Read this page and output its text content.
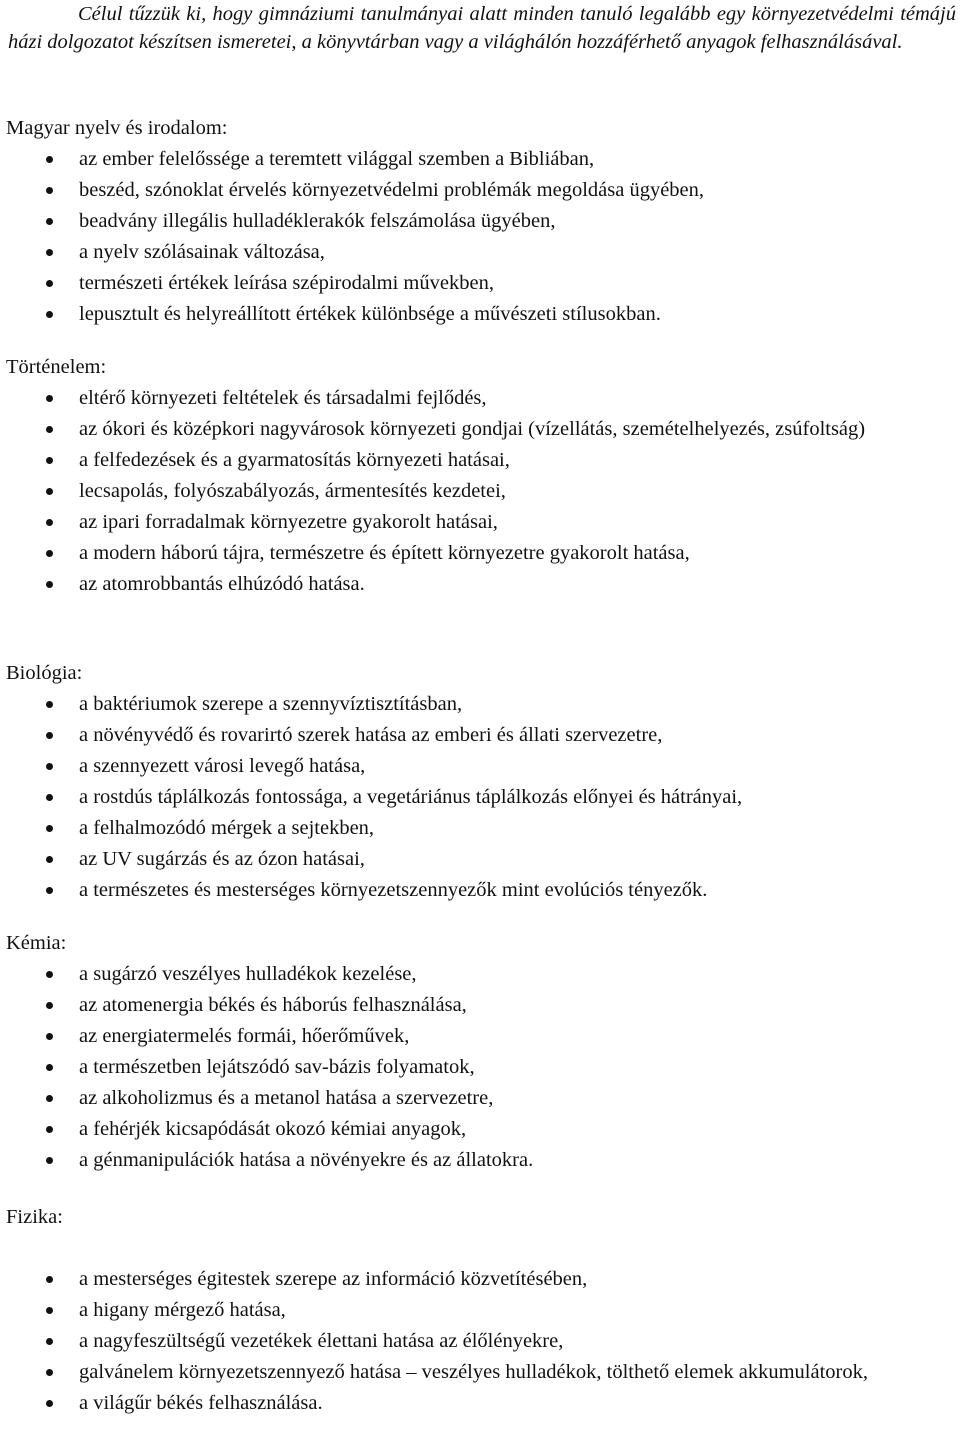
Célul tűzzük ki, hogy gimnáziumi tanulmányai alatt minden tanuló legalább egy környezetvédelmi témájú házi dolgozatot készítsen ismeretei, a könyvtárban vagy a világhálón hozzáférhető anyagok felhasználásával.
Magyar nyelv és irodalom:
az ember felelőssége a teremtett világgal szemben a Bibliában,
beszéd, szónoklat érvelés környezetvédelmi problémák megoldása ügyében,
beadvány illegális hulladéklerakók felszámolása ügyében,
a nyelv szólásainak változása,
természeti értékek leírása szépirodalmi művekben,
lepusztult és helyreállított értékek különbsége a művészeti stílusokban.
Történelem:
eltérő környezeti feltételek és társadalmi fejlődés,
az ókori és középkori nagyvárosok környezeti gondjai (vízellátás, szemételhelyezés, zsúfoltság)
a felfedezések és a gyarmatosítás környezeti hatásai,
lecsapolás, folyószabályozás, ármentesítés kezdetei,
az ipari forradalmak környezetre gyakorolt hatásai,
a modern háború tájra, természetre és épített környezetre gyakorolt hatása,
az atomrobbantás elhúzódó hatása.
Biológia:
a baktériumok szerepe a szennyvíztisztításban,
a növényvédő és rovarirtó szerek hatása az emberi és állati szervezetre,
a szennyezett városi levegő hatása,
a rostdús táplálkozás fontossága, a vegetáriánus táplálkozás előnyei és hátrányai,
a felhalmozódó mérgek a sejtekben,
az UV sugárzás és az ózon hatásai,
a természetes és mesterséges környezetszennyezők mint evolúciós tényezők.
Kémia:
a sugárzó veszélyes hulladékok kezelése,
az atomenergia békés és háborús felhasználása,
az energiatermelés formái, hőerőművek,
a természetben lejátszódó sav-bázis folyamatok,
az alkoholizmus és a metanol hatása a szervezetre,
a fehérjék kicsapódását okozó kémiai anyagok,
a génmanipulációk hatása a növényekre és az állatokra.
Fizika:
a mesterséges égitestek szerepe az információ közvetítésében,
a higany mérgező hatása,
a nagyfeszültségű vezetékek élettani hatása az élőlényekre,
galvánelem környezetszennyező hatása – veszélyes hulladékok, tölthető elemek akkumulátorok,
a világűr békés felhasználása.
